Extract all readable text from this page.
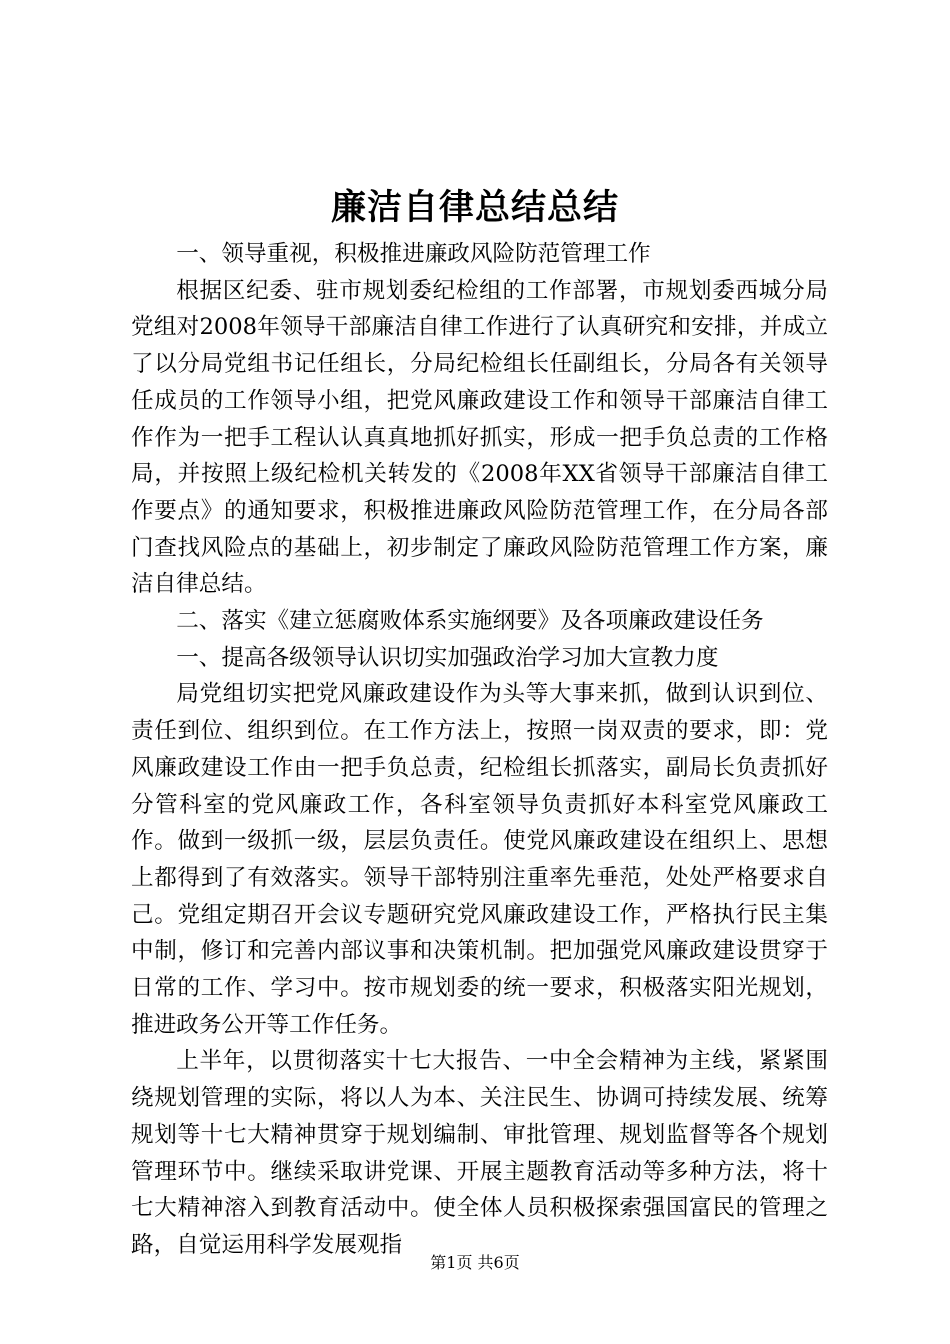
廉洁自律总结总结

一、领导重视，积极推进廉政风险防范管理工作

根据区纪委、驻市规划委纪检组的工作部署，市规划委西城分局党组对2008年领导干部廉洁自律工作进行了认真研究和安排，并成立了以分局党组书记任组长，分局纪检组长任副组长，分局各有关领导任成员的工作领导小组，把党风廉政建设工作和领导干部廉洁自律工作作为一把手工程认认真真地抓好抓实，形成一把手负总责的工作格局，并按照上级纪检机关转发的《2008年XX省领导干部廉洁自律工作要点》的通知要求，积极推进廉政风险防范管理工作，在分局各部门查找风险点的基础上，初步制定了廉政风险防范管理工作方案，廉洁自律总结。

二、落实《建立惩腐败体系实施纲要》及各项廉政建设任务

一、提高各级领导认识切实加强政治学习加大宣教力度

局党组切实把党风廉政建设作为头等大事来抓，做到认识到位、责任到位、组织到位。在工作方法上，按照一岗双责的要求，即：党风廉政建设工作由一把手负总责，纪检组长抓落实，副局长负责抓好分管科室的党风廉政工作，各科室领导负责抓好本科室党风廉政工作。做到一级抓一级，层层负责任。使党风廉政建设在组织上、思想上都得到了有效落实。领导干部特别注重率先垂范，处处严格要求自己。党组定期召开会议专题研究党风廉政建设工作，严格执行民主集中制，修订和完善内部议事和决策机制。把加强党风廉政建设贯穿于日常的工作、学习中。按市规划委的统一要求，积极落实阳光规划，推进政务公开等工作任务。

上半年，以贯彻落实十七大报告、一中全会精神为主线，紧紧围绕规划管理的实际，将以人为本、关注民生、协调可持续发展、统筹规划等十七大精神贯穿于规划编制、审批管理、规划监督等各个规划管理环节中。继续采取讲党课、开展主题教育活动等多种方法，将十七大精神溶入到教育活动中。使全体人员积极探索强国富民的管理之路，自觉运用科学发展观指

第1页 共6页
